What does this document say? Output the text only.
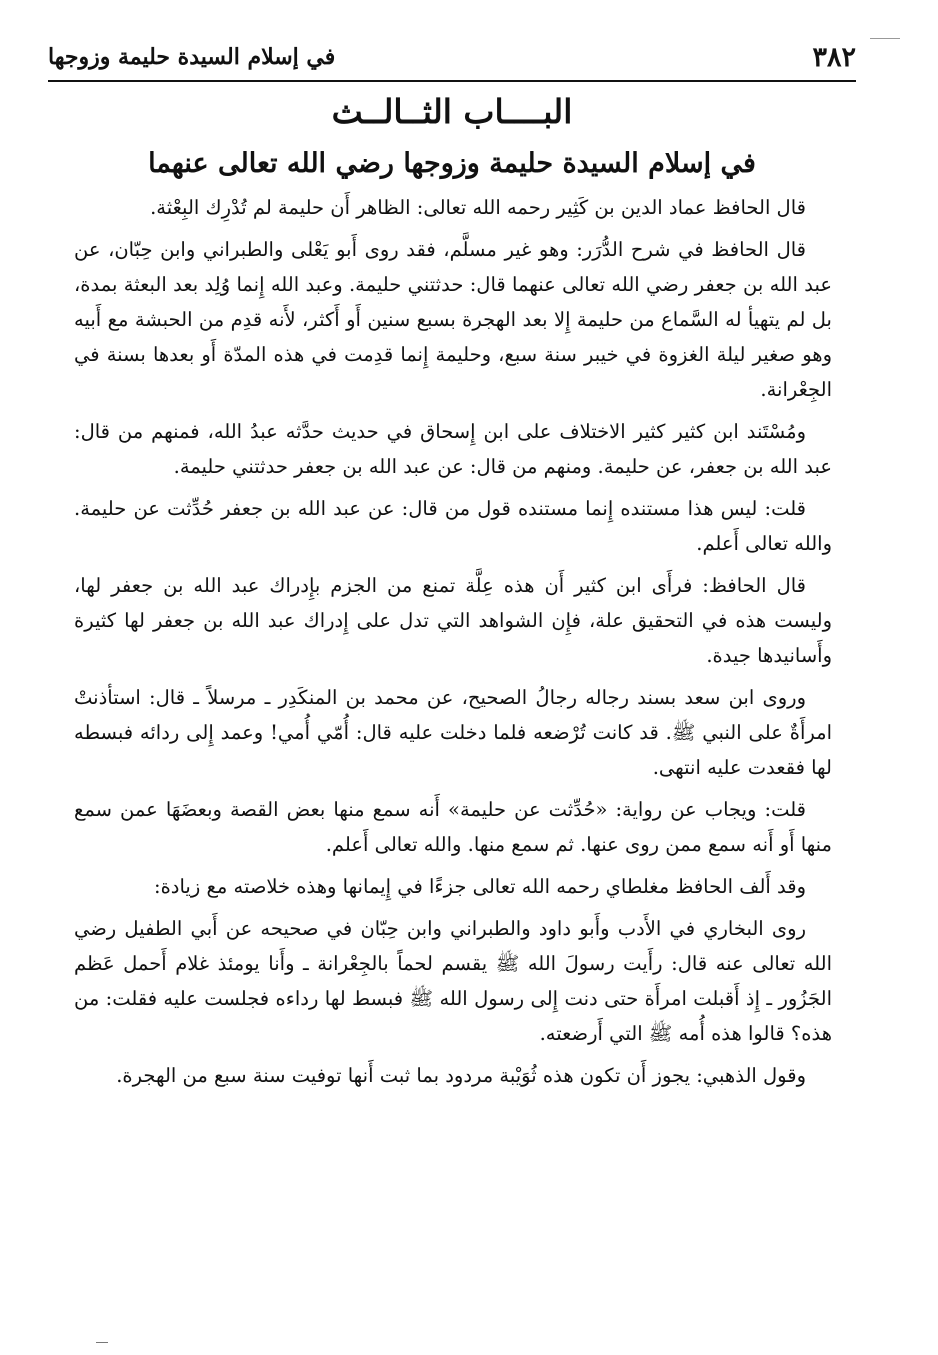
٣٨٢
في إسلام السيدة حليمة وزوجها
البــــاب الثــالــث
في إسلام السيدة حليمة وزوجها رضي الله تعالى عنهما

قال الحافظ عماد الدين بن كَثِير رحمه الله تعالى: الظاهر أَن حليمة لم تُدْرِك البِعْثة.

قال الحافظ في شرح الدُّرَر: وهو غير مسلَّم، فقد روى أَبو يَعْلى والطبراني وابن حِبّان، عن عبد الله بن جعفر رضي الله تعالى عنهما قال: حدثتني حليمة. وعبد الله إِنما وُلِد بعد البعثة بمدة، بل لم يتهيأ له السَّماع من حليمة إِلا بعد الهجرة بسبع سنين أَو أَكثر، لأَنه قدِم من الحبشة مع أَبيه وهو صغير ليلة الغزوة في خيبر سنة سبع، وحليمة إِنما قدِمت في هذه المدّة أَو بعدها بسنة في الجِعْرانة.

ومُسْتَند ابن كثير كثير الاختلاف على ابن إِسحاق في حديث حدَّثه عبدُ الله، فمنهم من قال: عبد الله بن جعفر، عن حليمة. ومنهم من قال: عن عبد الله بن جعفر حدثتني حليمة.

قلت: ليس هذا مستنده إِنما مستنده قول من قال: عن عبد الله بن جعفر حُدِّثت عن حليمة. والله تعالى أَعلم.

قال الحافظ: فرأَى ابن كثير أَن هذه عِلَّة تمنع من الجزم بإِدراك عبد الله بن جعفر لها، وليست هذه في التحقيق علة، فإِن الشواهد التي تدل على إِدراك عبد الله بن جعفر لها كثيرة وأَسانيدها جيدة.

وروى ابن سعد بسند رجاله رجالُ الصحيح، عن محمد بن المنكَدِر ـ مرسلاً ـ قال: استأذنتْ امرأَةٌ على النبي ﷺ. قد كانت تُرْضعه فلما دخلت عليه قال: أُمّي أُمي! وعمد إِلى ردائه فبسطه لها فقعدت عليه انتهى.

قلت: ويجاب عن رواية: «حُدِّثت عن حليمة» أَنه سمع منها بعض القصة وبعضَهَا عمن سمع منها أَو أَنه سمع ممن روى عنها. ثم سمع منها. والله تعالى أَعلم.

وقد أَلف الحافظ مغلطاي رحمه الله تعالى جزءًا في إِيمانها وهذه خلاصته مع زيادة:

روى البخاري في الأَدب وأَبو داود والطبراني وابن حِبّان في صحيحه عن أَبي الطفيل رضي الله تعالى عنه قال: رأَيت رسولَ الله ﷺ يقسم لحماً بالجِعْرانة ـ وأَنا يومئذ غلام أَحمل عَظم الجَزُور ـ إِذ أَقبلت امرأَة حتى دنت إِلى رسول الله ﷺ فبسط لها رداءه فجلست عليه فقلت: من هذه؟ قالوا هذه أُمه ﷺ التي أَرضعته.

وقول الذهبي: يجوز أَن تكون هذه ثُوَيْبة مردود بما ثبت أَنها توفيت سنة سبع من الهجرة.
